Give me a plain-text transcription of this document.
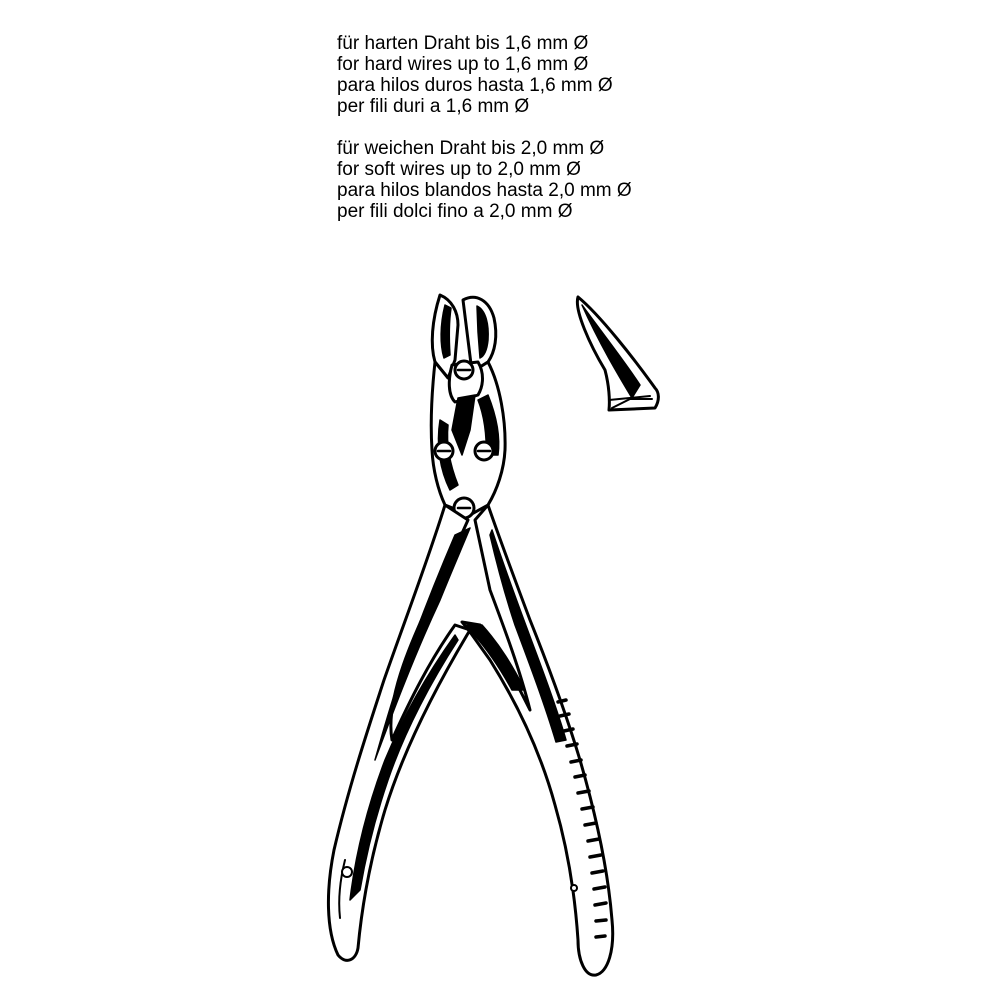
für harten Draht bis 1,6 mm Ø
for hard wires up to 1,6 mm Ø
para hilos duros hasta 1,6 mm Ø
per fili duri a 1,6 mm Ø
für weichen Draht bis 2,0 mm Ø
for soft wires up to 2,0 mm Ø
para hilos blandos hasta 2,0 mm Ø
per fili dolci fino a 2,0 mm Ø
